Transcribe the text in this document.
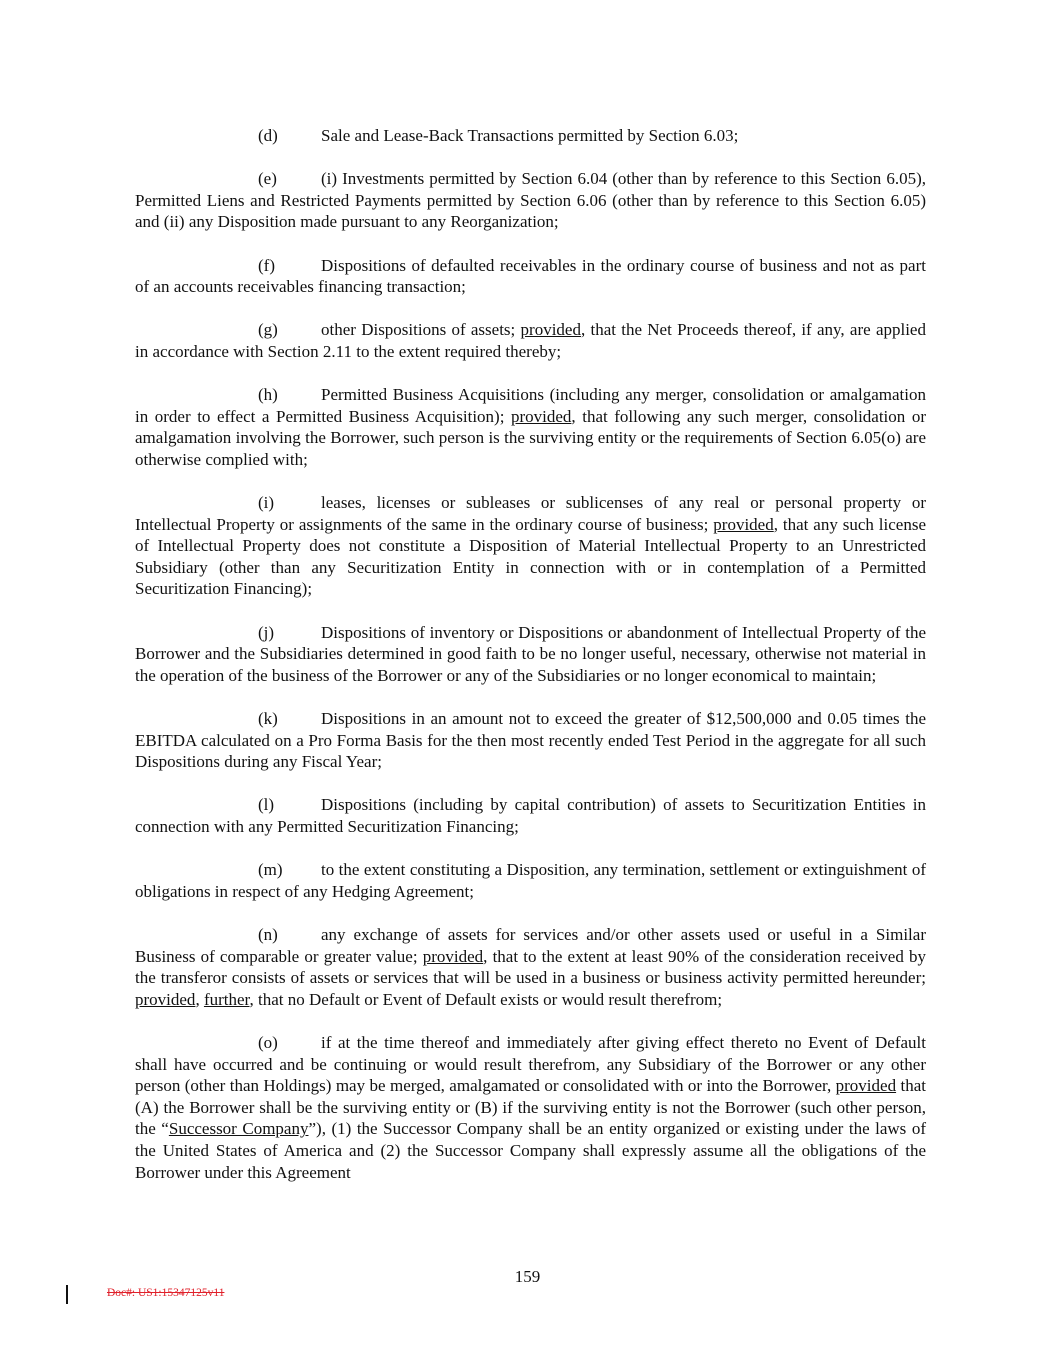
(d)	Sale and Lease-Back Transactions permitted by Section 6.03;

(e)	(i) Investments permitted by Section 6.04 (other than by reference to this Section 6.05), Permitted Liens and Restricted Payments permitted by Section 6.06 (other than by reference to this Section 6.05) and (ii) any Disposition made pursuant to any Reorganization;

(f)	Dispositions of defaulted receivables in the ordinary course of business and not as part of an accounts receivables financing transaction;

(g)	other Dispositions of assets; provided, that the Net Proceeds thereof, if any, are applied in accordance with Section 2.11 to the extent required thereby;

(h)	Permitted Business Acquisitions (including any merger, consolidation or amalgamation in order to effect a Permitted Business Acquisition); provided, that following any such merger, consolidation or amalgamation involving the Borrower, such person is the surviving entity or the requirements of Section 6.05(o) are otherwise complied with;

(i)	leases, licenses or subleases or sublicenses of any real or personal property or Intellectual Property or assignments of the same in the ordinary course of business; provided, that any such license of Intellectual Property does not constitute a Disposition of Material Intellectual Property to an Unrestricted Subsidiary (other than any Securitization Entity in connection with or in contemplation of a Permitted Securitization Financing);

(j)	Dispositions of inventory or Dispositions or abandonment of Intellectual Property of the Borrower and the Subsidiaries determined in good faith to be no longer useful, necessary, otherwise not material in the operation of the business of the Borrower or any of the Subsidiaries or no longer economical to maintain;

(k)	Dispositions in an amount not to exceed the greater of $12,500,000 and 0.05 times the EBITDA calculated on a Pro Forma Basis for the then most recently ended Test Period in the aggregate for all such Dispositions during any Fiscal Year;

(l)	Dispositions (including by capital contribution) of assets to Securitization Entities in connection with any Permitted Securitization Financing;

(m) to the extent constituting a Disposition, any termination, settlement or extinguishment of obligations in respect of any Hedging Agreement;

(n)	any exchange of assets for services and/or other assets used or useful in a Similar Business of comparable or greater value; provided, that to the extent at least 90% of the consideration received by the transferor consists of assets or services that will be used in a business or business activity permitted hereunder; provided, further, that no Default or Event of Default exists or would result therefrom;

(o)	if at the time thereof and immediately after giving effect thereto no Event of Default shall have occurred and be continuing or would result therefrom, any Subsidiary of the Borrower or any other person (other than Holdings) may be merged, amalgamated or consolidated with or into the Borrower, provided that (A) the Borrower shall be the surviving entity or (B) if the surviving entity is not the Borrower (such other person, the “Successor Company”), (1) the Successor Company shall be an entity organized or existing under the laws of the United States of America and (2) the Successor Company shall expressly assume all the obligations of the Borrower under this Agreement

159
Doc#: US1:15347125v11
